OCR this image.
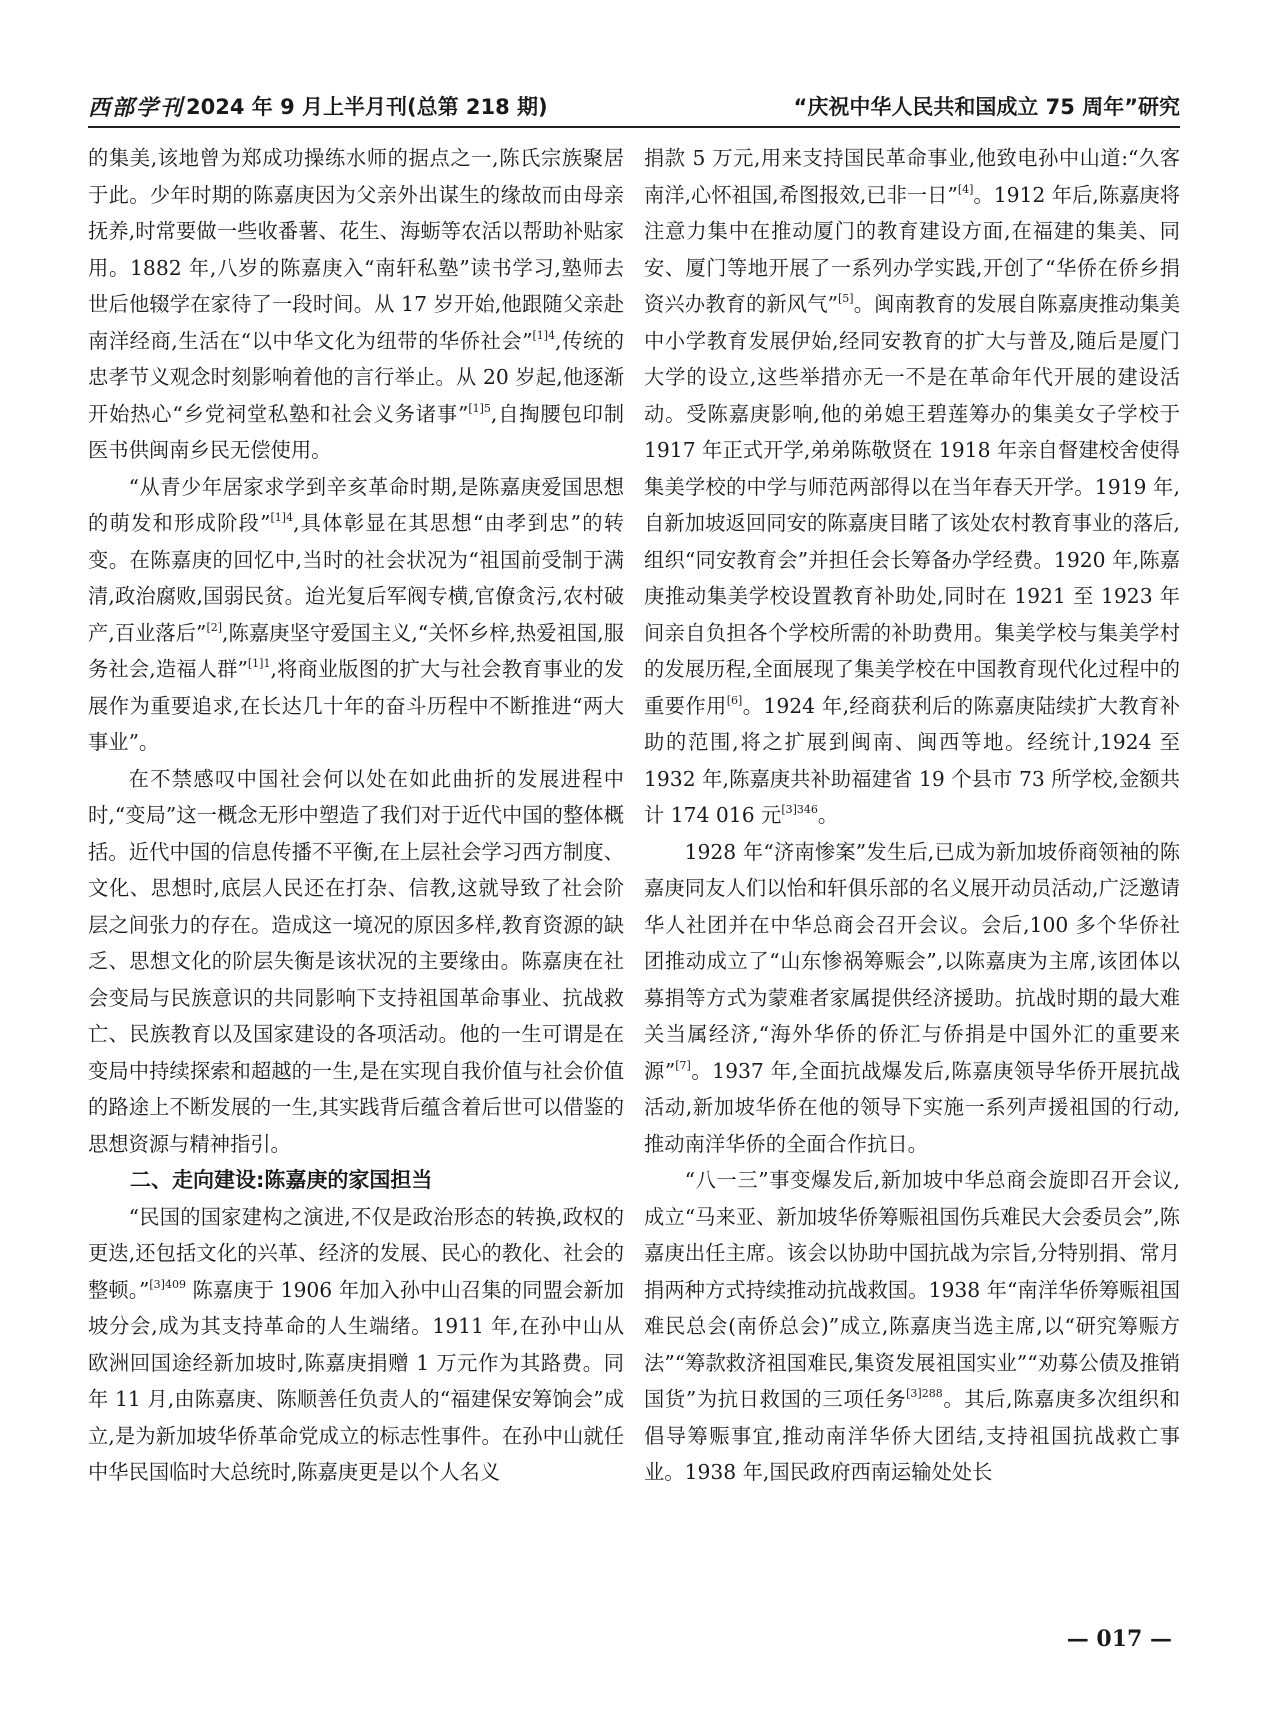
西部学刊 2024 年 9 月上半月刊(总第 218 期)	“庆祝中华人民共和国成立 75 周年”研究

的集美,该地曾为郑成功操练水师的据点之一,陈氏宗族聚居于此。少年时期的陈嘉庚因为父亲外出谋生的缘故而由母亲抚养,时常要做一些收番薯、花生、海蛎等农活以帮助补贴家用。1882 年,八岁的陈嘉庚入“南轩私塾”读书学习,塾师去世后他辍学在家待了一段时间。从 17 岁开始,他跟随父亲赴南洋经商,生活在“以中华文化为纽带的华侨社会”$^{[1]4}$,传统的忠孝节义观念时刻影响着他的言行举止。从 20 岁起,他逐渐开始热心“乡党祠堂私塾和社会义务诸事”$^{[1]5}$,自掏腰包印制医书供闽南乡民无偿使用。

“从青少年居家求学到辛亥革命时期,是陈嘉庚爱国思想的萌发和形成阶段”$^{[1]4}$,具体彰显在其思想“由孝到忠”的转变。在陈嘉庚的回忆中,当时的社会状况为“祖国前受制于满清,政治腐败,国弱民贫。迨光复后军阀专横,官僚贪污,农村破产,百业落后”[2],陈嘉庚坚守爱国主义,“关怀乡梓,热爱祖国,服务社会,造福人群”$^{[1]1}$,将商业版图的扩大与社会教育事业的发展作为重要追求,在长达几十年的奋斗历程中不断推进“两大事业”。

在不禁感叹中国社会何以处在如此曲折的发展进程中时,“变局”这一概念无形中塑造了我们对于近代中国的整体概括。近代中国的信息传播不平衡,在上层社会学习西方制度、文化、思想时,底层人民还在打杂、信教,这就导致了社会阶层之间张力的存在。造成这一境况的原因多样,教育资源的缺乏、思想文化的阶层失衡是该状况的主要缘由。陈嘉庚在社会变局与民族意识的共同影响下支持祖国革命事业、抗战救亡、民族教育以及国家建设的各项活动。他的一生可谓是在变局中持续探索和超越的一生,是在实现自我价值与社会价值的路途上不断发展的一生,其实践背后蕴含着后世可以借鉴的思想资源与精神指引。

二、走向建设:陈嘉庚的家国担当

“民国的国家建构之演进,不仅是政治形态的转换,政权的更迭,还包括文化的兴革、经济的发展、民心的教化、社会的整顿。”$^{[3]409}$ 陈嘉庚于 1906 年加入孙中山召集的同盟会新加坡分会,成为其支持革命的人生端绪。1911 年,在孙中山从欧洲回国途经新加坡时,陈嘉庚捐赠 1 万元作为其路费。同年 11 月,由陈嘉庚、陈顺善任负责人的“福建保安筹饷会”成立,是为新加坡华侨革命党成立的标志性事件。在孙中山就任中华民国临时大总统时,陈嘉庚更是以个人名义

捐款 5 万元,用来支持国民革命事业,他致电孙中山道:“久客南洋,心怀祖国,希图报效,已非一日”[4]。1912 年后,陈嘉庚将注意力集中在推动厦门的教育建设方面,在福建的集美、同安、厦门等地开展了一系列办学实践,开创了“华侨在侨乡捐资兴办教育的新风气”[5]。闽南教育的发展自陈嘉庚推动集美中小学教育发展伊始,经同安教育的扩大与普及,随后是厦门大学的设立,这些举措亦无一不是在革命年代开展的建设活动。受陈嘉庚影响,他的弟媳王碧莲筹办的集美女子学校于 1917 年正式开学,弟弟陈敬贤在 1918 年亲自督建校舍使得集美学校的中学与师范两部得以在当年春天开学。1919 年,自新加坡返回同安的陈嘉庚目睹了该处农村教育事业的落后,组织“同安教育会”并担任会长筹备办学经费。1920 年,陈嘉庚推动集美学校设置教育补助处,同时在 1921 至 1923 年间亲自负担各个学校所需的补助费用。集美学校与集美学村的发展历程,全面展现了集美学校在中国教育现代化过程中的重要作用[6]。1924 年,经商获利后的陈嘉庚陆续扩大教育补助的范围,将之扩展到闽南、闽西等地。经统计,1924 至 1932 年,陈嘉庚共补助福建省 19 个县市 73 所学校,金额共计 174 016 元$^{[3]346}$。

1928 年“济南惨案”发生后,已成为新加坡侨商领袖的陈嘉庚同友人们以怡和轩俱乐部的名义展开动员活动,广泛邀请华人社团并在中华总商会召开会议。会后,100 多个华侨社团推动成立了“山东惨祸筹赈会”,以陈嘉庚为主席,该团体以募捐等方式为蒙难者家属提供经济援助。抗战时期的最大难关当属经济,“海外华侨的侨汇与侨捐是中国外汇的重要来源”[7]。1937 年,全面抗战爆发后,陈嘉庚领导华侨开展抗战活动,新加坡华侨在他的领导下实施一系列声援祖国的行动,推动南洋华侨的全面合作抗日。

“八一三”事变爆发后,新加坡中华总商会旋即召开会议,成立“马来亚、新加坡华侨筹赈祖国伤兵难民大会委员会”,陈嘉庚出任主席。该会以协助中国抗战为宗旨,分特别捐、常月捐两种方式持续推动抗战救国。1938 年“南洋华侨筹赈祖国难民总会(南侨总会)”成立,陈嘉庚当选主席,以“研究筹赈方法”“筹款救济祖国难民,集资发展祖国实业”“劝募公债及推销国货”为抗日救国的三项任务$^{[3]288}$。其后,陈嘉庚多次组织和倡导筹赈事宜,推动南洋华侨大团结,支持祖国抗战救亡事业。1938 年,国民政府西南运输处处长

— 017 —
